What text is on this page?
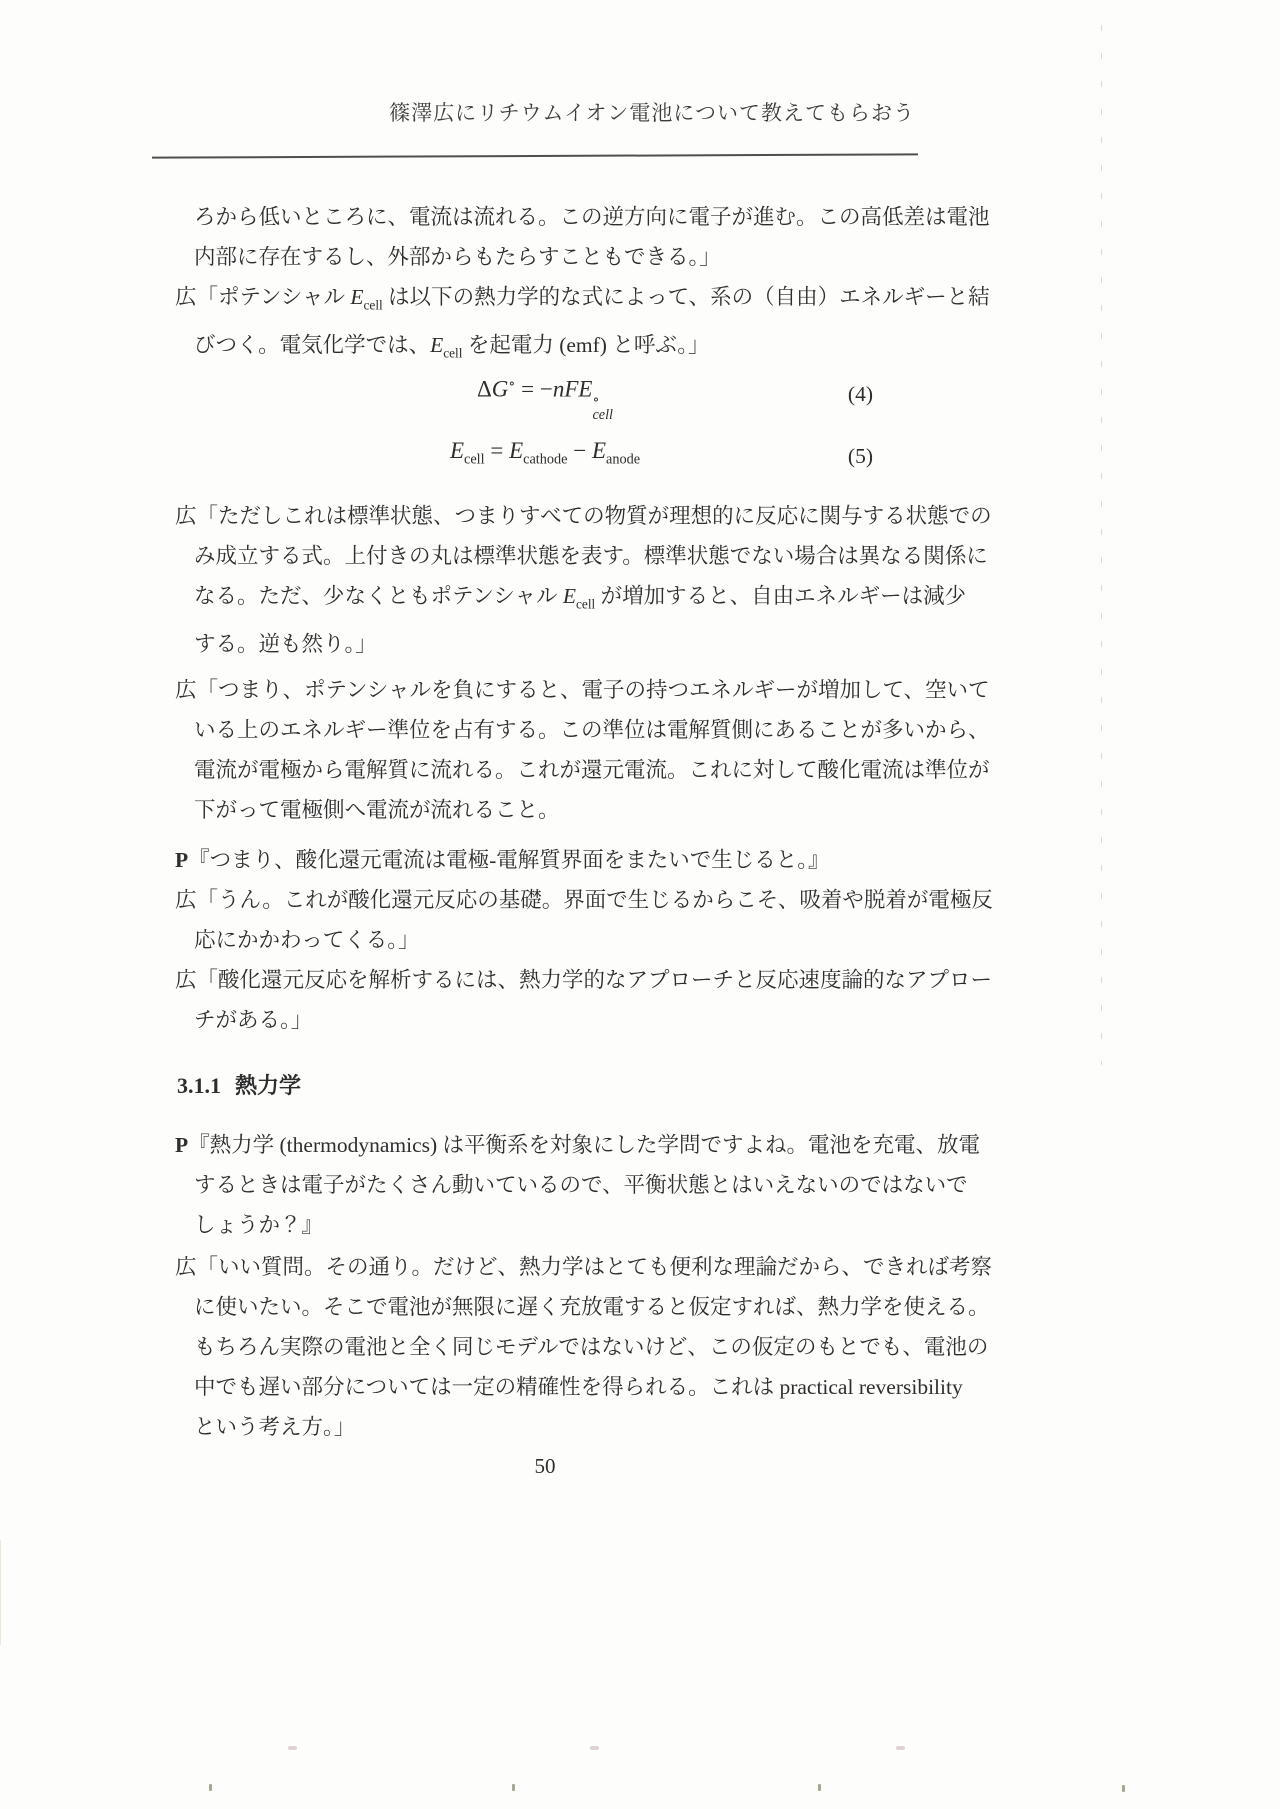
篠澤広にリチウムイオン電池について教えてもらおう

ろから低いところに、電流は流れる。この逆方向に電子が進む。この高低差は電池
内部に存在するし、外部からもたらすこともできる。」

広「ポテンシャル $E_{cell}$ は以下の熱力学的な式によって、系の（自由）エネルギーと結
びつく。電気化学では、$E_{cell}$ を起電力 (emf) と呼ぶ。」

ΔG∘ = −nFE ∘
cell
(4)
$E_{cell} = E_{cathode} - E_{anode}$	(5)

広「ただしこれは標準状態、つまりすべての物質が理想的に反応に関与する状態での
み成立する式。上付きの丸は標準状態を表す。標準状態でない場合は異なる関係に
なる。ただ、少なくともポテンシャル $E_{cell}$ が増加すると、自由エネルギーは減少
する。逆も然り。」

広「つまり、ポテンシャルを負にすると、電子の持つエネルギーが増加して、空いて
いる上のエネルギー準位を占有する。この準位は電解質側にあることが多いから、
電流が電極から電解質に流れる。これが還元電流。これに対して酸化電流は準位が
下がって電極側へ電流が流れること。

P『つまり、酸化還元電流は電極-電解質界面をまたいで生じると。』

広「うん。これが酸化還元反応の基礎。界面で生じるからこそ、吸着や脱着が電極反
応にかかわってくる。」

広「酸化還元反応を解析するには、熱力学的なアプローチと反応速度論的なアプロー
チがある。」

3.1.1 熱力学

P『熱力学 (thermodynamics) は平衡系を対象にした学問ですよね。電池を充電、放電
するときは電子がたくさん動いているので、平衡状態とはいえないのではないで
しょうか？』

広「いい質問。その通り。だけど、熱力学はとても便利な理論だから、できれば考察
に使いたい。そこで電池が無限に遅く充放電すると仮定すれば、熱力学を使える。
もちろん実際の電池と全く同じモデルではないけど、この仮定のもとでも、電池の
中でも遅い部分については一定の精確性を得られる。これは practical reversibility
という考え方。」

50
